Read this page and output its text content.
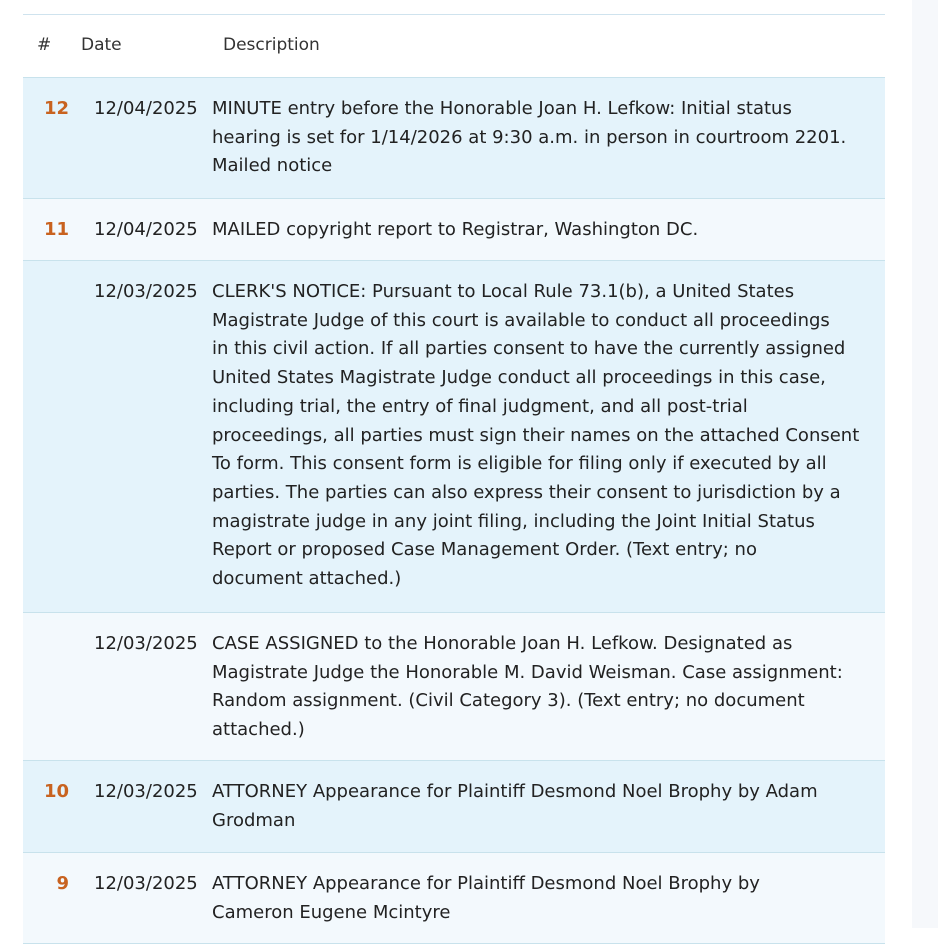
# Date	Description
12 12/04/2025 MINUTE entry before the Honorable Joan H. Lefkow: Initial status
hearing is set for 1/14/2026 at 9:30 a.m. in person in courtroom 2201.
Mailed notice
11 12/04/2025 MAILED copyright report to Registrar, Washington DC.
12/03/2025 CLERK'S NOTICE: Pursuant to Local Rule 73.1(b), a United States
Magistrate Judge of this court is available to conduct all proceedings
in this civil action. If all parties consent to have the currently assigned
United States Magistrate Judge conduct all proceedings in this case,
including trial, the entry of final judgment, and all post-trial
proceedings, all parties must sign their names on the attached Consent
To form. This consent form is eligible for filing only if executed by all
parties. The parties can also express their consent to jurisdiction by a
magistrate judge in any joint filing, including the Joint Initial Status
Report or proposed Case Management Order. (Text entry; no
document attached.)
12/03/2025 CASE ASSIGNED to the Honorable Joan H. Lefkow. Designated as
Magistrate Judge the Honorable M. David Weisman. Case assignment:
Random assignment. (Civil Category 3). (Text entry; no document
attached.)
10 12/03/2025 ATTORNEY Appearance for Plaintiff Desmond Noel Brophy by Adam
Grodman
9 12/03/2025 ATTORNEY Appearance for Plaintiff Desmond Noel Brophy by
Cameron Eugene Mcintyre
